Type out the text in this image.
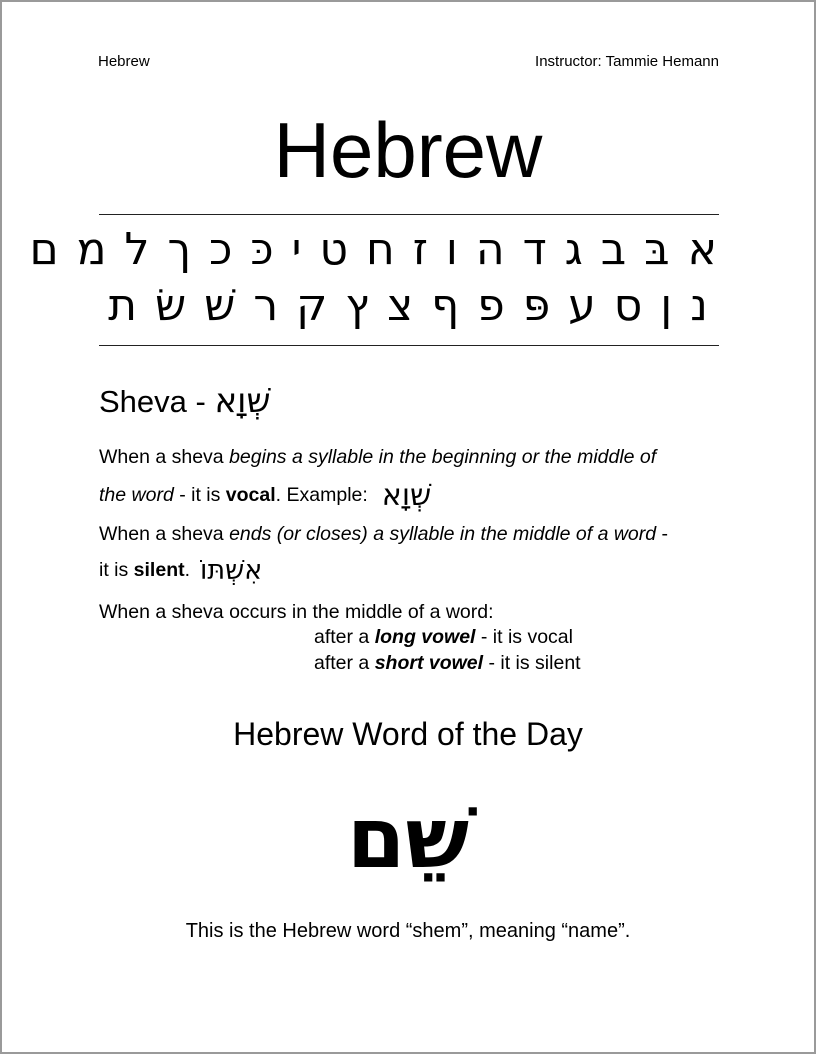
Hebrew	Instructor: Tammie Hemann
Hebrew
א בּ ב ג ד ה ו ז ח ט י כּ כ ך ל מ ם
נ ן ס ע פּ פ ף צ ץ ק ר שׁ שׂ ת
Sheva - שְׁוָא
When a sheva begins a syllable in the beginning or the middle of
the word - it is vocal. Example: שְׁוָא
When a sheva ends (or closes) a syllable in the middle of a word -
it is silent. אִשְׁתּוֹ
When a sheva occurs in the middle of a word:
after a long vowel - it is vocal
after a short vowel - it is silent
Hebrew Word of the Day
שֵׁם
This is the Hebrew word “shem”, meaning “name”.
